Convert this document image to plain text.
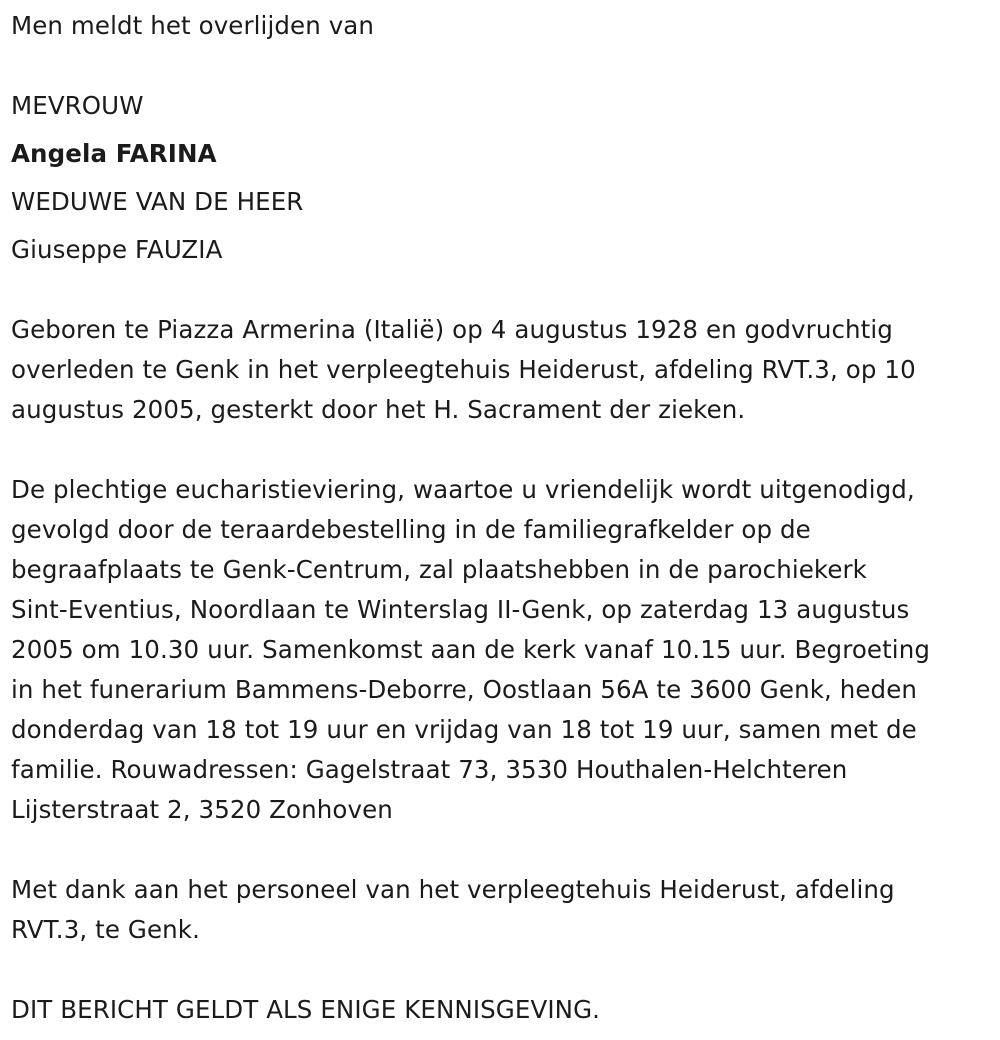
Men meldt het overlijden van
MEVROUW
Angela FARINA
WEDUWE VAN DE HEER
Giuseppe FAUZIA
Geboren te Piazza Armerina (Italië) op 4 augustus 1928 en godvruchtig
overleden te Genk in het verpleegtehuis Heiderust, afdeling RVT.3, op 10
augustus 2005, gesterkt door het H. Sacrament der zieken.
De plechtige eucharistieviering, waartoe u vriendelijk wordt uitgenodigd,
gevolgd door de teraardebestelling in de familiegrafkelder op de
begraafplaats te Genk-Centrum, zal plaatshebben in de parochiekerk
Sint-Eventius, Noordlaan te Winterslag II-Genk, op zaterdag 13 augustus
2005 om 10.30 uur. Samenkomst aan de kerk vanaf 10.15 uur. Begroeting
in het funerarium Bammens-Deborre, Oostlaan 56A te 3600 Genk, heden
donderdag van 18 tot 19 uur en vrijdag van 18 tot 19 uur, samen met de
familie. Rouwadressen: Gagelstraat 73, 3530 Houthalen-Helchteren
Lijsterstraat 2, 3520 Zonhoven
Met dank aan het personeel van het verpleegtehuis Heiderust, afdeling
RVT.3, te Genk.
DIT BERICHT GELDT ALS ENIGE KENNISGEVING.
